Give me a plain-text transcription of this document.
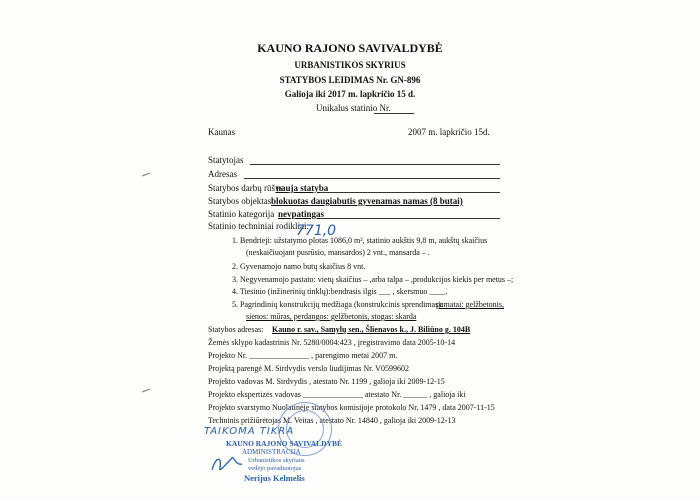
KAUNO RAJONO SAVIVALDYBĖ
URBANISTIKOS SKYRIUS
STATYBOS LEIDIMAS Nr. GN-896
Galioja iki 2017 m. lapkričio 15 d.
Unikalus statinio Nr.
Kaunas	2007 m. lapkričio 15d.
Statytojas
Adresas
Statybos darbų rūšys
nauja statyba
Statybos objektas blokuotas daugiabutis gyvenamas namas (8 butai)
Statinio kategorija nevpatingas
Statinio techniniai rodikliai:
771,0
1. Bendrieji: užstatymo plotas 1086,0 m², statinio aukštis 9,8 m, aukštų skaičius
(neskaičiuojant pusrūsio, mansardos) 2 vnt., mansarda – .
2. Gyvenamojo namo butų skaičius 8 vnt.
3. Negyvenamojo pastato: vietų skaičius – ,arba talpa – ,produkcijos kiekis per metus –;
4. Tiesinio (inžinerinių tinklų):bendrasis ilgis ___ , skersmuo ____.
5. Pagrindinių konstrukcijų medžiaga (konstrukcinis sprendimas):
pamatai: gelžbetonis,
sienos: mūras, perdangos: gelžbetonis, stogas: skarda
Statybos adresas: Kauno r. sav., Samylų sen., Šlienavos k., J. Biliūno g. 104B
Žemės sklypo kadastrinis Nr. 5280/0004:423 , įregistravimo data 2005-10-14
Projekto Nr. _______________ , parengimo metai 2007 m.
Projektą parengė M. Sirdvydis verslo liudijimas Nr. V0599602
Projekto vadovas M. Sirdvydis , atestato Nr. 1199 , galioja iki 2009-12-15
Projekto ekspertizės vadovas _______________ atestato Nr. ______ , galioja iki
Projekto svarstymo Nuolatinėje statybos komisijoje protokolo Nr. 1479 , data 2007-11-15
Techninis prižiūrėtojas M. Veitas , atestato Nr. 14840 , galioja iki 2009-12-13
TAIKOMA TIKRA
KAUNO RAJONO SAVIVALDYBĖ
ADMINISTRACIJA
Urbanistikos skyriaus
vedėjo pavaduotojas
Nerijus Kelmelis
